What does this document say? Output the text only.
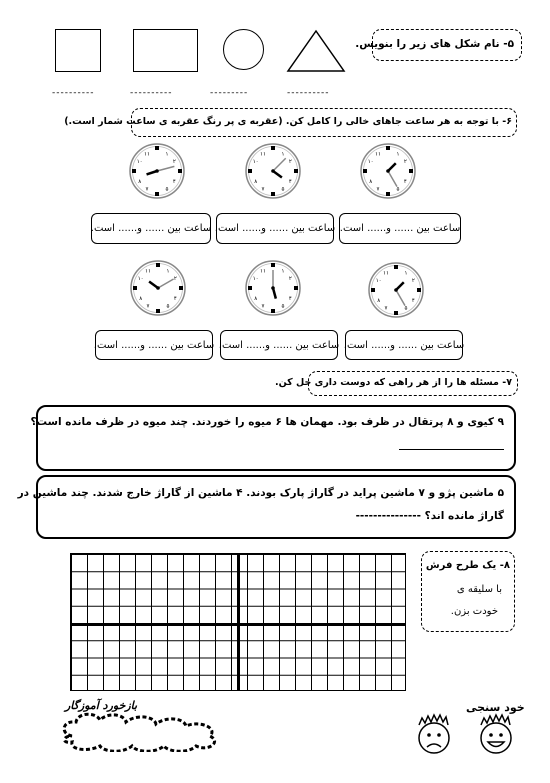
۵- نام شکل های زیر را بنویس.
----------	----------	---------	----------
۶- با توجه به هر ساعت جاهای خالی را کامل کن. (عقربه ی پر رنگ عقربه ی ساعت شمار است.)
۱
۲
۴
۵
۷
۸
۱۰
۱۱
۱
۲
۴
۵
۷
۸
۱۰
۱۱
۱
۲
۴
۵
۷
۸
۱۰
۱۱
ساعت بین ...... و...... است.
ساعت بین ...... و...... است.
ساعت بین ...... و...... است.
۱
۲
۴
۵
۷
۸
۱۰
۱۱
۱
۲
۴
۵
۷
۸
۱۰
۱۱
۱
۲
۴
۵
۷
۸
۱۰
۱۱
ساعت بین ...... و...... است.
ساعت بین ...... و...... است.
ساعت بین ...... و...... است.
۷- مسئله ها را از هر راهی که دوست داری حل کن.
۹ کیوی و ۸ پرتقال در ظرف بود. مهمان ها ۶ میوه را خوردند. چند میوه در ظرف مانده است؟
۵ ماشین پژو و ۷ ماشین پراید در گاراژ پارک بودند. ۴ ماشین از گاراژ خارج شدند. چند ماشین در
گاراژ مانده اند؟ ---------------
۸- یک طرح فرش
با سلیقه ی
خودت بزن.
بازخورد آموزگار	خود سنجی
